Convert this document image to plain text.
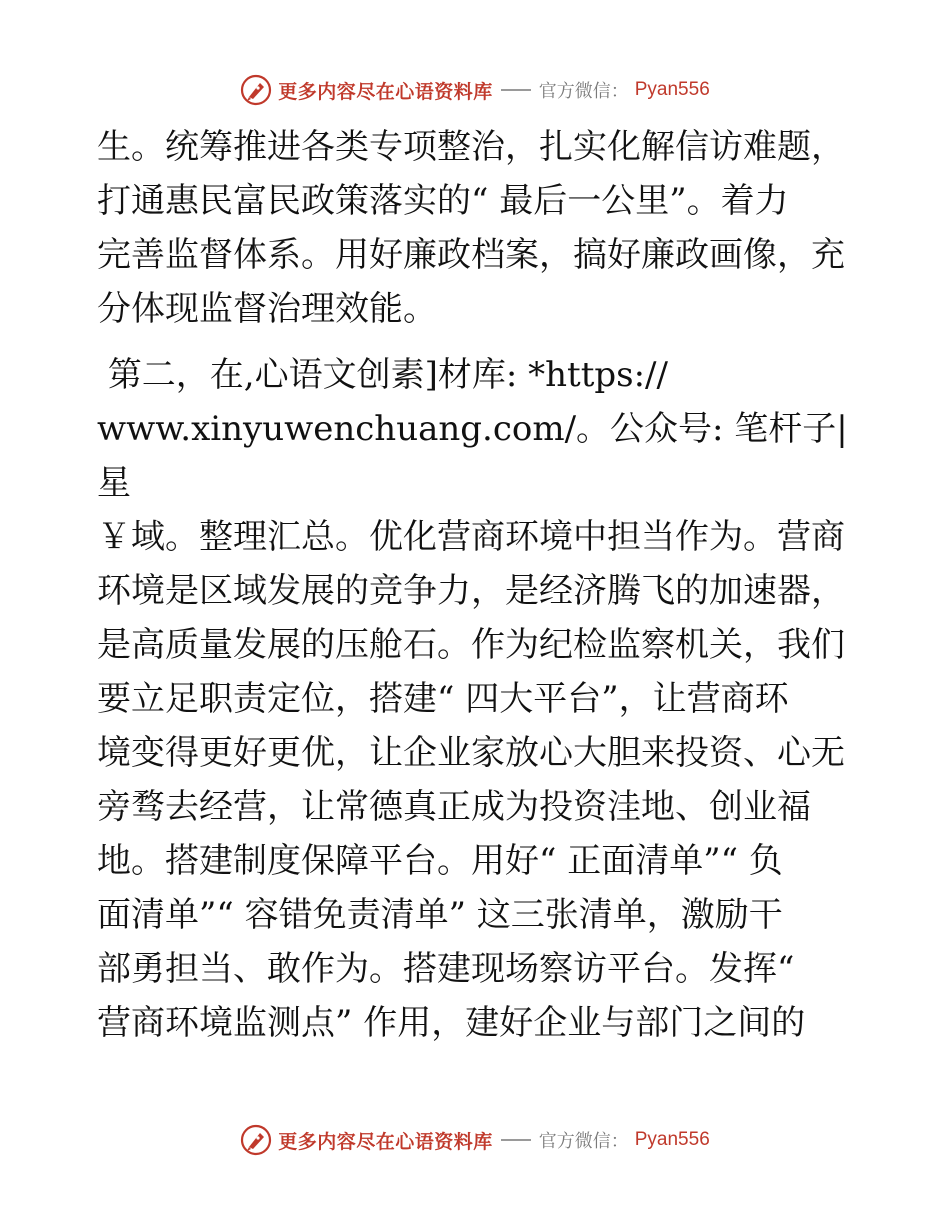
更多内容尽在心语资料库	官方微信： Pyan556

生。统筹推进各类专项整治，扎实化解信访难题，
打通惠民富民政策落实的“ 最后一公里”。着力
完善监督体系。用好廉政档案，搞好廉政画像，充
分体现监督治理效能。

第二，在,心语文创素]材库: *https://
www.xinyuwenchuang.com/。公众号: 笔杆子|星
￥域。整理汇总。优化营商环境中担当作为。营商
环境是区域发展的竞争力，是经济腾飞的加速器，
是高质量发展的压舱石。作为纪检监察机关，我们
要立足职责定位，搭建“ 四大平台”，让营商环
境变得更好更优，让企业家放心大胆来投资、心无
旁骛去经营，让常德真正成为投资洼地、创业福
地。搭建制度保障平台。用好“ 正面清单”“ 负
面清单”“ 容错免责清单” 这三张清单，激励干
部勇担当、敢作为。搭建现场察访平台。发挥“
营商环境监测点” 作用，建好企业与部门之间的

更多内容尽在心语资料库	官方微信： Pyan556
